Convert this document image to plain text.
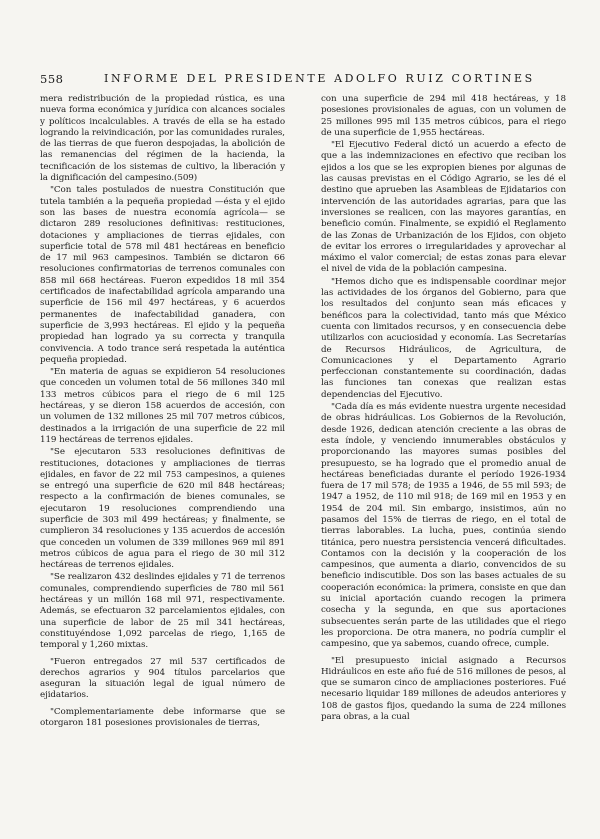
558	INFORME DEL PRESIDENTE ADOLFO RUIZ CORTINES

mera redistribución de la propiedad rústica, es una nueva forma económica y jurídica con alcances sociales y políticos incalculables. A través de ella se ha estado logrando la reivindicación, por las comunidades rurales, de las tierras de que fueron despojadas, la abolición de las remanencias del régimen de la hacienda, la tecnificación de los sistemas de cultivo, la liberación y la dignificación del campesino.(509)

"Con tales postulados de nuestra Constitución que tutela también a la pequeña propiedad —ésta y el ejido son las bases de nuestra economía agrícola— se dictaron 289 resoluciones definitivas: restituciones, dotaciones y ampliaciones de tierras ejidales, con superficie total de 578 mil 481 hectáreas en beneficio de 17 mil 963 campesinos. También se dictaron 66 resoluciones confirmatorias de terrenos comunales con 858 mil 668 hectáreas. Fueron expedidos 18 mil 354 certificados de inafectabilidad agrícola amparando una superficie de 156 mil 497 hectáreas, y 6 acuerdos permanentes de inafectabilidad ganadera, con superficie de 3,993 hectáreas. El ejido y la pequeña propiedad han logrado ya su correcta y tranquila convivencia. A todo trance será respetada la auténtica pequeña propiedad.

"En materia de aguas se expidieron 54 resoluciones que conceden un volumen total de 56 millones 340 mil 133 metros cúbicos para el riego de 6 mil 125 hectáreas, y se dieron 158 acuerdos de accesión, con un volumen de 132 millones 25 mil 707 metros cúbicos, destinados a la irrigación de una superficie de 22 mil 119 hectáreas de terrenos ejidales.

"Se ejecutaron 533 resoluciones definitivas de restituciones, dotaciones y ampliaciones de tierras ejidales, en favor de 22 mil 753 campesinos, a quienes se entregó una superficie de 620 mil 848 hectáreas; respecto a la confirmación de bienes comunales, se ejecutaron 19 resoluciones comprendiendo una superficie de 303 mil 499 hectáreas; y finalmente, se cumplieron 34 resoluciones y 135 acuerdos de accesión que conceden un volumen de 339 millones 969 mil 891 metros cúbicos de agua para el riego de 30 mil 312 hectáreas de terrenos ejidales.

"Se realizaron 432 deslindes ejidales y 71 de terrenos comunales, comprendiendo superficies de 780 mil 561 hectáreas y un millón 168 mil 971, respectivamente. Además, se efectuaron 32 parcelamientos ejidales, con una superficie de labor de 25 mil 341 hectáreas, constituyéndose 1,092 parcelas de riego, 1,165 de temporal y 1,260 mixtas.

"Fueron entregados 27 mil 537 certificados de derechos agrarios y 904 títulos parcelarios que aseguran la situación legal de igual número de ejidatarios.

"Complementariamente debe informarse que se otorgaron 181 posesiones provisionales de tierras,

con una superficie de 294 mil 418 hectáreas, y 18 posesiones provisionales de aguas, con un volumen de 25 millones 995 mil 135 metros cúbicos, para el riego de una superficie de 1,955 hectáreas.

"El Ejecutivo Federal dictó un acuerdo a efecto de que a las indemnizaciones en efectivo que reciban los ejidos a los que se les expropien bienes por algunas de las causas previstas en el Código Agrario, se les dé el destino que aprueben las Asambleas de Ejidatarios con intervención de las autoridades agrarias, para que las inversiones se realicen, con las mayores garantías, en beneficio común. Finalmente, se expidió el Reglamento de las Zonas de Urbanización de los Ejidos, con objeto de evitar los errores o irregularidades y aprovechar al máximo el valor comercial; de estas zonas para elevar el nivel de vida de la población campesina.

"Hemos dicho que es indispensable coordinar mejor las actividades de los órganos del Gobierno, para que los resultados del conjunto sean más eficaces y benéficos para la colectividad, tanto más que México cuenta con limitados recursos, y en consecuencia debe utilizarlos con acuciosidad y economía. Las Secretarías de Recursos Hidráulicos, de Agricultura, de Comunicaciones y el Departamento Agrario perfeccionan constantemente su coordinación, dadas las funciones tan conexas que realizan estas dependencias del Ejecutivo.

"Cada día es más evidente nuestra urgente necesidad de obras hidráulicas. Los Gobiernos de la Revolución, desde 1926, dedican atención creciente a las obras de esta índole, y venciendo innumerables obstáculos y proporcionando las mayores sumas posibles del presupuesto, se ha logrado que el promedio anual de hectáreas beneficiadas durante el período 1926-1934 fuera de 17 mil 578; de 1935 a 1946, de 55 mil 593; de 1947 a 1952, de 110 mil 918; de 169 mil en 1953 y en 1954 de 204 mil. Sin embargo, insistimos, aún no pasamos del 15% de tierras de riego, en el total de tierras laborables. La lucha, pues, continúa siendo titánica, pero nuestra persistencia vencerá dificultades. Contamos con la decisión y la cooperación de los campesinos, que aumenta a diario, convencidos de su beneficio indiscutible. Dos son las bases actuales de su cooperación económica: la primera, consiste en que dan su inicial aportación cuando recogen la primera cosecha y la segunda, en que sus aportaciones subsecuentes serán parte de las utilidades que el riego les proporciona. De otra manera, no podría cumplir el campesino, que ya sabemos, cuando ofrece, cumple.

"El presupuesto inicial asignado a Recursos Hidráulicos en este año fué de 516 millones de pesos, al que se sumaron cinco de ampliaciones posteriores. Fué necesario liquidar 189 millones de adeudos anteriores y 108 de gastos fijos, quedando la suma de 224 millones para obras, a la cual
